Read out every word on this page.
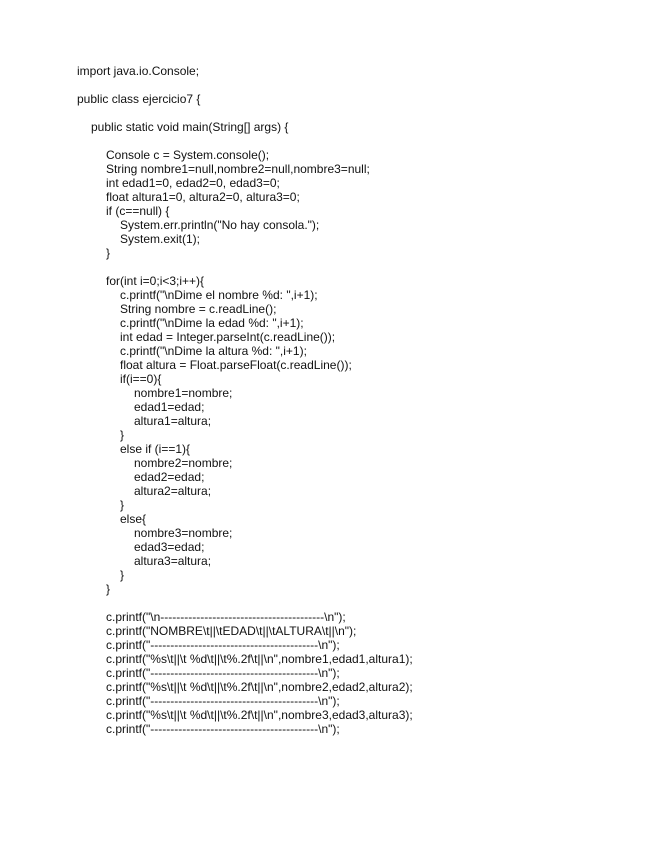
import java.io.Console;
public class ejercicio7 {
public static void main(String[] args) {
Console c = System.console();
String nombre1=null,nombre2=null,nombre3=null;
int edad1=0, edad2=0, edad3=0;
float altura1=0, altura2=0, altura3=0;
if (c==null) {
System.err.println("No hay consola.");
System.exit(1);
}
for(int i=0;i<3;i++){
c.printf("\nDime el nombre %d: ",i+1);
String nombre = c.readLine();
c.printf("\nDime la edad %d: ",i+1);
int edad = Integer.parseInt(c.readLine());
c.printf("\nDime la altura %d: ",i+1);
float altura = Float.parseFloat(c.readLine());
if(i==0){
nombre1=nombre;
edad1=edad;
altura1=altura;
}
else if (i==1){
nombre2=nombre;
edad2=edad;
altura2=altura;
}
else{
nombre3=nombre;
edad3=edad;
altura3=altura;
}
}
c.printf("\n-----------------------------------------\n");
c.printf("NOMBRE\t||\tEDAD\t||\tALTURA\t||\n");
c.printf("------------------------------------------\n");
c.printf("%s\t||\t %d\t||\t%.2f\t||\n",nombre1,edad1,altura1);
c.printf("------------------------------------------\n");
c.printf("%s\t||\t %d\t||\t%.2f\t||\n",nombre2,edad2,altura2);
c.printf("------------------------------------------\n");
c.printf("%s\t||\t %d\t||\t%.2f\t||\n",nombre3,edad3,altura3);
c.printf("------------------------------------------\n");
